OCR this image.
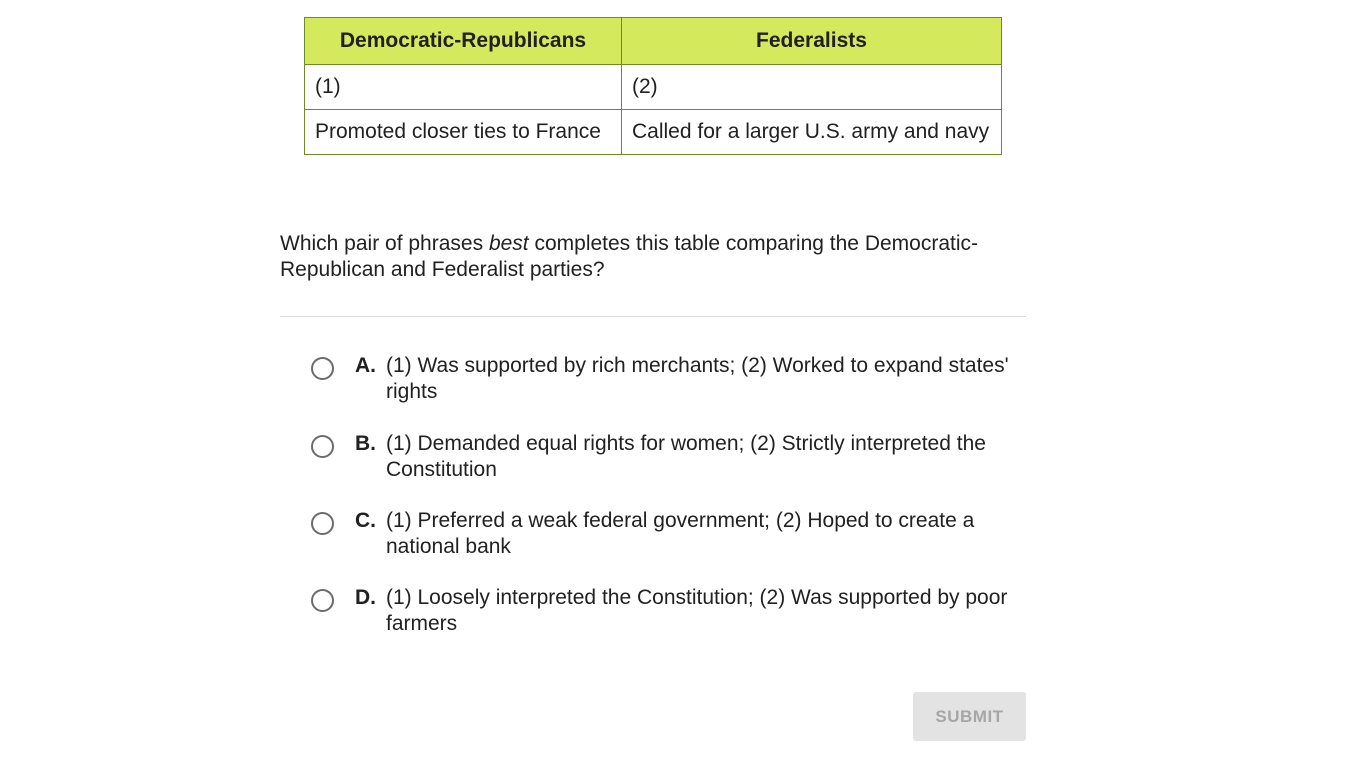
Democratic-Republicans	Federalists
(1)	(2)
Promoted closer ties to France	Called for a larger U.S. army and navy
Which pair of phrases best completes this table comparing the Democratic-Republican and Federalist parties?
A. (1) Was supported by rich merchants; (2) Worked to expand states' rights
B. (1) Demanded equal rights for women; (2) Strictly interpreted the Constitution
C. (1) Preferred a weak federal government; (2) Hoped to create a national bank
D. (1) Loosely interpreted the Constitution; (2) Was supported by poor farmers
SUBMIT
